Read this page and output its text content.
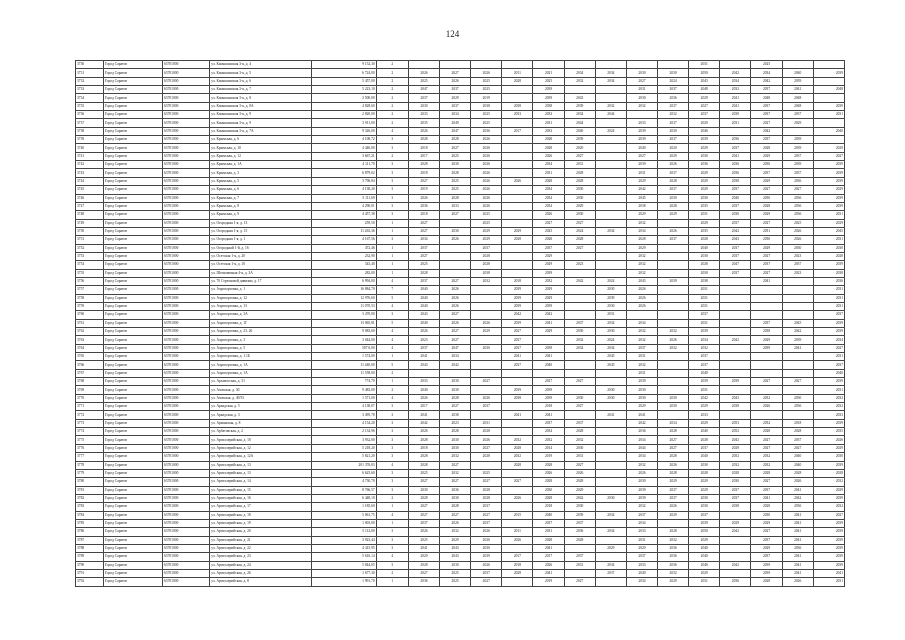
124
3730	Город Саратов	63701000	ул. Камышинская 3-я, д. 4	9 152,30	2										2031		2025		
3731	Город Саратов	63701000	ул. Камышинская 3-я, д. 5	6 724,00	2	2026	2027	2026	2011	2021	2034	2034	2030	2030	2050	2042	2034	2040	2039
3732	Город Саратов	63701000	ул. Камышинская 3-я, д. 6	5 457,00	2	2025	2026	2025	2028	2025	2032	2034	2027	2024	2043	2034	2042	2039	
3733	Город Саратов	63701000	ул. Камышинская 3-я, д. 7	5 223,10	2	2047	2037	2025		2039			2031	2037	2048	2032	2037	2041	2048
3734	Город Саратов	63701000	ул. Камышинская 3-я, д. 8	3 500,00	2	2037	2029	2019		2039	2043		2030	2036	2029	2041	2048	2048	
3735	Город Саратов	63701000	ул. Камышинская 3-я, д. 8А	4 828,60	2	2030	2037	2038	2038	2038	2039	2032	2032	2037	2027	2041	2037	2048	2039
3736	Город Саратов	63701000	ул. Камышинская 3-я, д. 9	2 820,00	2	2033	2034	2025	2033	2033	2034	2044		2032	2037	2039	2037	2037	2031
3737	Город Саратов	63701000	ул. Камышинская 3-я, д. 9	3 911,00	2	2035	2049	2025		2031	2044		2033	2037	2029	2031	2027	2029	
3738	Город Саратов	63701000	ул. Камышинская 3-я, д. 7А	9 326,00	4	2026	2047	2036	2017	2033	2040	2024	2039	2030	2046		2042		2040
3739	Город Саратов	63701000	ул. Крымская, д. 6	4 108,72	3	2028	2028	2026		2028	2039		2039	2037	2039	2036	2037	2039	
3740	Город Саратов	63701000	ул. Крымская, д. 10	4 446,00	3	2018	2027	2026		2028	2020		2040	2020	2029	2037	2028	2039	2029
3741	Город Саратов	63701000	ул. Крымская, д. 12	3 667,21	2	2017	2025	2026		2026	2027		2027	2029	2030	2041	2029	2037	2027
3742	Город Саратов	63701000	ул. Крымская, д. 1А	4 111,70	3	2028	2030	2026		2034	2031		2039	2026	2036	2036	2030	2039	2039
3743	Город Саратов	63701000	ул. Крымская, д. 3	6 879,02	3	2018	2028	2026		2031	2028		2031	2037	2029	2036	2037	2037	2039
3744	Город Саратов	63701000	ул. Крымская, д. 5	3 796,84	3	2027	2025	2026	2026	2028	2028		2029	2028	2029	2038	2029	2036	2039
3745	Город Саратов	63701000	ул. Крымская, д. 6	4 138,20	3	2019	2025	2026		2034	2030		2042	2037	2029	2037	2027	2027	2029
3746	Город Саратов	63701000	ул. Крымская, д. 7	5 111,69	3	2026	2028	2026		2034	2030		2045	2030	2030	2040	2030	2036	2039
3747	Город Саратов	63701000	ул. Крымская, д. 8	4 290,01	3	2036	2033	2026		2034	2029		2038	2028	2035	2037	2028	2036	2039
3748	Город Саратов	63701000	ул. Крымская, д. 9	4 457,38	3	2018	2027	2025		2026	2030		2029	2029	2031	2030	2029	2036	2031
3749	Город Саратов	63701000	ул. Огородная 1-я, д. 13	259,50	1	2027		2025		2027	2027		2032		2029	2037	2027	2025	2029
3750	Город Саратов	63701000	ул. Огородная 1-я, д. 15	11 263,36	1	2027	2030	2029	2029	2025	2024	2034	2034	2026	2035	2042	2031	2026	2045
3751	Город Саратов	63701000	ул. Огородная 1-я, д. 1	4 167,56	3	2034	2026	2029	2028	2028	2028		2028	2037	2028	2043	2030	2026	2031
3752	Город Саратов	63701000	ул. Огородный 1-й, д. 16	472,46	1	2037		2037		2037	2027		2029		2040	2037	2029	2030	2030
3753	Город Саратов	63701000	ул. Осетская 1-я, д. 20	232,90	1	2027		2028		2029			2032		2030	2037	2027	2023	2028
3754	Город Саратов	63701000	ул. Осетская 1-я, д. 10	343,40	1	2025		2028		2029	2023		2032		2028	2047	2037	2037	2039
3755	Город Саратов	63701000	ул. Шелковичная 4-я, д. 3А	282,00	1	2028		2038		2039			2032		2030	2037	2027	2023	2038
3756	Город Саратов	63701000	ул. 70 Стрелковой дивизии, д. 17	6 994,00	4	2037	2027	2032	2018	2032	2042	2024	2043	2039	2038		2041		2036
3757	Город Саратов	63701000	ул. Аэропортовая, д. 1	16 884,70	7	2040	2026		2039	2029		2030	2026		2031				2031
3758	Город Саратов	63701000	ул. Аэропортовая, д. 12	12 976,60	5	2040	2026		2039	2029		2039	2026		2031				2031
3759	Город Саратов	63701000	ул. Аэропортовая, д. 13	11 070,53	4	2040	2026		2039	2039		2030	2026		2031				2031
3760	Город Саратов	63701000	ул. Аэропортовая, д. 3А	3 470,00	3	2043	2027		2042	2042		2031			2037				2037
3761	Город Саратов	63701000	ул. Аэропортовая, д. 1Г	13 065,81	5	2040	2026	2026	2039	2041	2037	2034	2034		2031		2037	2045	2039
3762	Город Саратов	63701000	ул. Аэропортовая, д. 23, 26	9 083,60	4	2026	2027	2029	2027	2029	2030	2030	2032	2032	2039		2038	2042	2039
3763	Город Саратов	63701000	ул. Аэропортовая, д. 3	3 044,00	4	2023	2027		2037		2032	2024	2032	2026	2034	2042	2029	2039	2034
3764	Город Саратов	63701000	ул. Аэропортовая, д. 5	507 6,00	4	2037	2047	2030	2037	2039	2034	2034	2037	2032	2032		2039	2041	2027
3765	Город Саратов	63701000	ул. Аэропортовая, д. 1.1Б	1 574,00	1	2041	2034		2041	2041		2045	2031		2037				2031
3766	Город Саратов	63701000	ул. Аэропортовая, д. 1А	11 440,00	5	2043	2042		2037	2040		2045	2032		2037				2037
3767	Город Саратов	63701000	ул. Аэропортовая, д. 1А	11 558,00	2								2031		2040				2040
3768	Город Саратов	63701000	ул. Арзамасская, д. 31	774,70	1	2033	2030	2027		2027	2027		2039		2039	2039	2027	2027	2039
3769	Город Саратов	63701000	ул. Азовская, д. 30	9 483,00	2	2040	2030		2039	2039		2030	2030		2031				2031
3770	Город Саратов	63701000	ул. Азовская, д. 49/53	1 571,00	4	2026	2028	2026	2038	2039	2030	2030	2030	2030	2042	2043	2032	2030	2032
3771	Город Саратов	63701000	ул. Аркадская, д. 5	4 138,07	3	2017	2027	2037		2018	2027		2029	2030	2029	2038	2026	2036	2032
3772	Город Саратов	63701000	ул. Аркадская, д. 3	3 495,78	3	2041	2038		2041	2041		2041	2041		2033				2033
3773	Город Саратов	63701000	ул. Армянская, д. 8	4 154,20	3	2042	2023	2031		2037	2037		2042	2034	2029	2053	2032	2018	2039
3774	Город Саратов	63701000	ул. Арбатовская, д. 2	2 134,96	3	2026	2028	2028		2034	2028		2036	2028	2040	2052	2028	2028	2035
3775	Город Саратов	63701000	ул. Артиллерийская, д. 10	3 932,00	3	2028	2030	2026	2032	2032	2032		2034	2027	2028	2043	2027	2037	2026
3776	Город Саратов	63701000	ул. Артиллерийская, д. 12	5 218,20	3	2018	2030	2027	2028	2014	2030		2044	2027	2037	2029	2027	2027	2029
3777	Город Саратов	63701000	ул. Артиллерийская, д. 12А	5 821,20	3	2028	2032	2028	2032	2019	2031		2034	2028	2040	2052	2032	2040	2030
3778	Город Саратов	63701000	ул. Артиллерийская, д. 13	201 376,03	4	2028	2027		2028	2028	2027		2032	2026	2030	2032	2032	2040	2039
3779	Город Саратов	63701000	ул. Артиллерийская, д. 13	6 625,60	3	2025	2032	2025		2026	2026		2026	2028	2028	2028	2028	2028	2028
3780	Город Саратов	63701000	ул. Артиллерийская, д. 14	4 730,70	3	2027	2027	2027	2027	2028	2028		2030	2029	2029	2030	2027	2026	2032
3781	Город Саратов	63701000	ул. Артиллерийская, д. 15	8 766,57	3	2030	2036	2028		2030	2029		2039	2037	2029	2037	2037	2041	2029
3782	Город Саратов	63701000	ул. Артиллерийская, д. 16	6 448,10	2	2028	2030	2028	2026	2028	2042	2030	2039	2037	2030	2037	2041	2042	2039
3783	Город Саратов	63701000	ул. Артиллерийская, д. 17	1 185,60	1	2027	2028	2037		2018	2030		2032	2026	2030	2038	2028	2036	2032
3784	Город Саратов	63701000	ул. Артиллерийская, д. 18	5 061,75	4	2027	2027	2027	2015	2040	2039	2034	2037	2029	2037		2030	2041	2027
3785	Город Саратов	63701000	ул. Артиллерийская, д. 19	1 003,00	1	2037	2026	2037		2037	2037		2034		2039	2029	2029	2041	2039
3786	Город Саратов	63701000	ул. Артиллерийская, д. 20	5 112,00	3	2026	2032	2026	2011	2031	2036	2034	2033	2028	2050	2042	2027	2041	2039
3787	Город Саратов	63701000	ул. Артиллерийская, д. 21	3 923,44	3	2025	2029	2026	2026	2028	2028		2031	2032	2029		2037	2041	2039
3788	Город Саратов	63701000	ул. Артиллерийская, д. 22	4 415,95	3	2041	2043	2030		2041		2029	2029	2036	2040		2029	2036	2039
3789	Город Саратов	63701000	ул. Артиллерийская, д. 23	5 616,14	4	2020	2043	2039	2017	2017	2037		2037	2036	2040		2037	2041	2039
3790	Город Саратов	63701000	ул. Артиллерийская, д. 24	5 844,05	3	2028	2030	2026	2018	2026	2031	2034	2033	2036	2046	2042	2039	2041	2039
3791	Город Саратов	63701000	ул. Артиллерийская, д. 26	1 677,30	2	2027	2025	2037	2028	2041		2037	2040	2032	2029		2039	2041	2041
3792	Город Саратов	63701000	ул. Артиллерийская, д. 8	1 991,70	1	2036	2025	2027		2019	2027		2034	2029	2031	2036	2028	2026	2031
